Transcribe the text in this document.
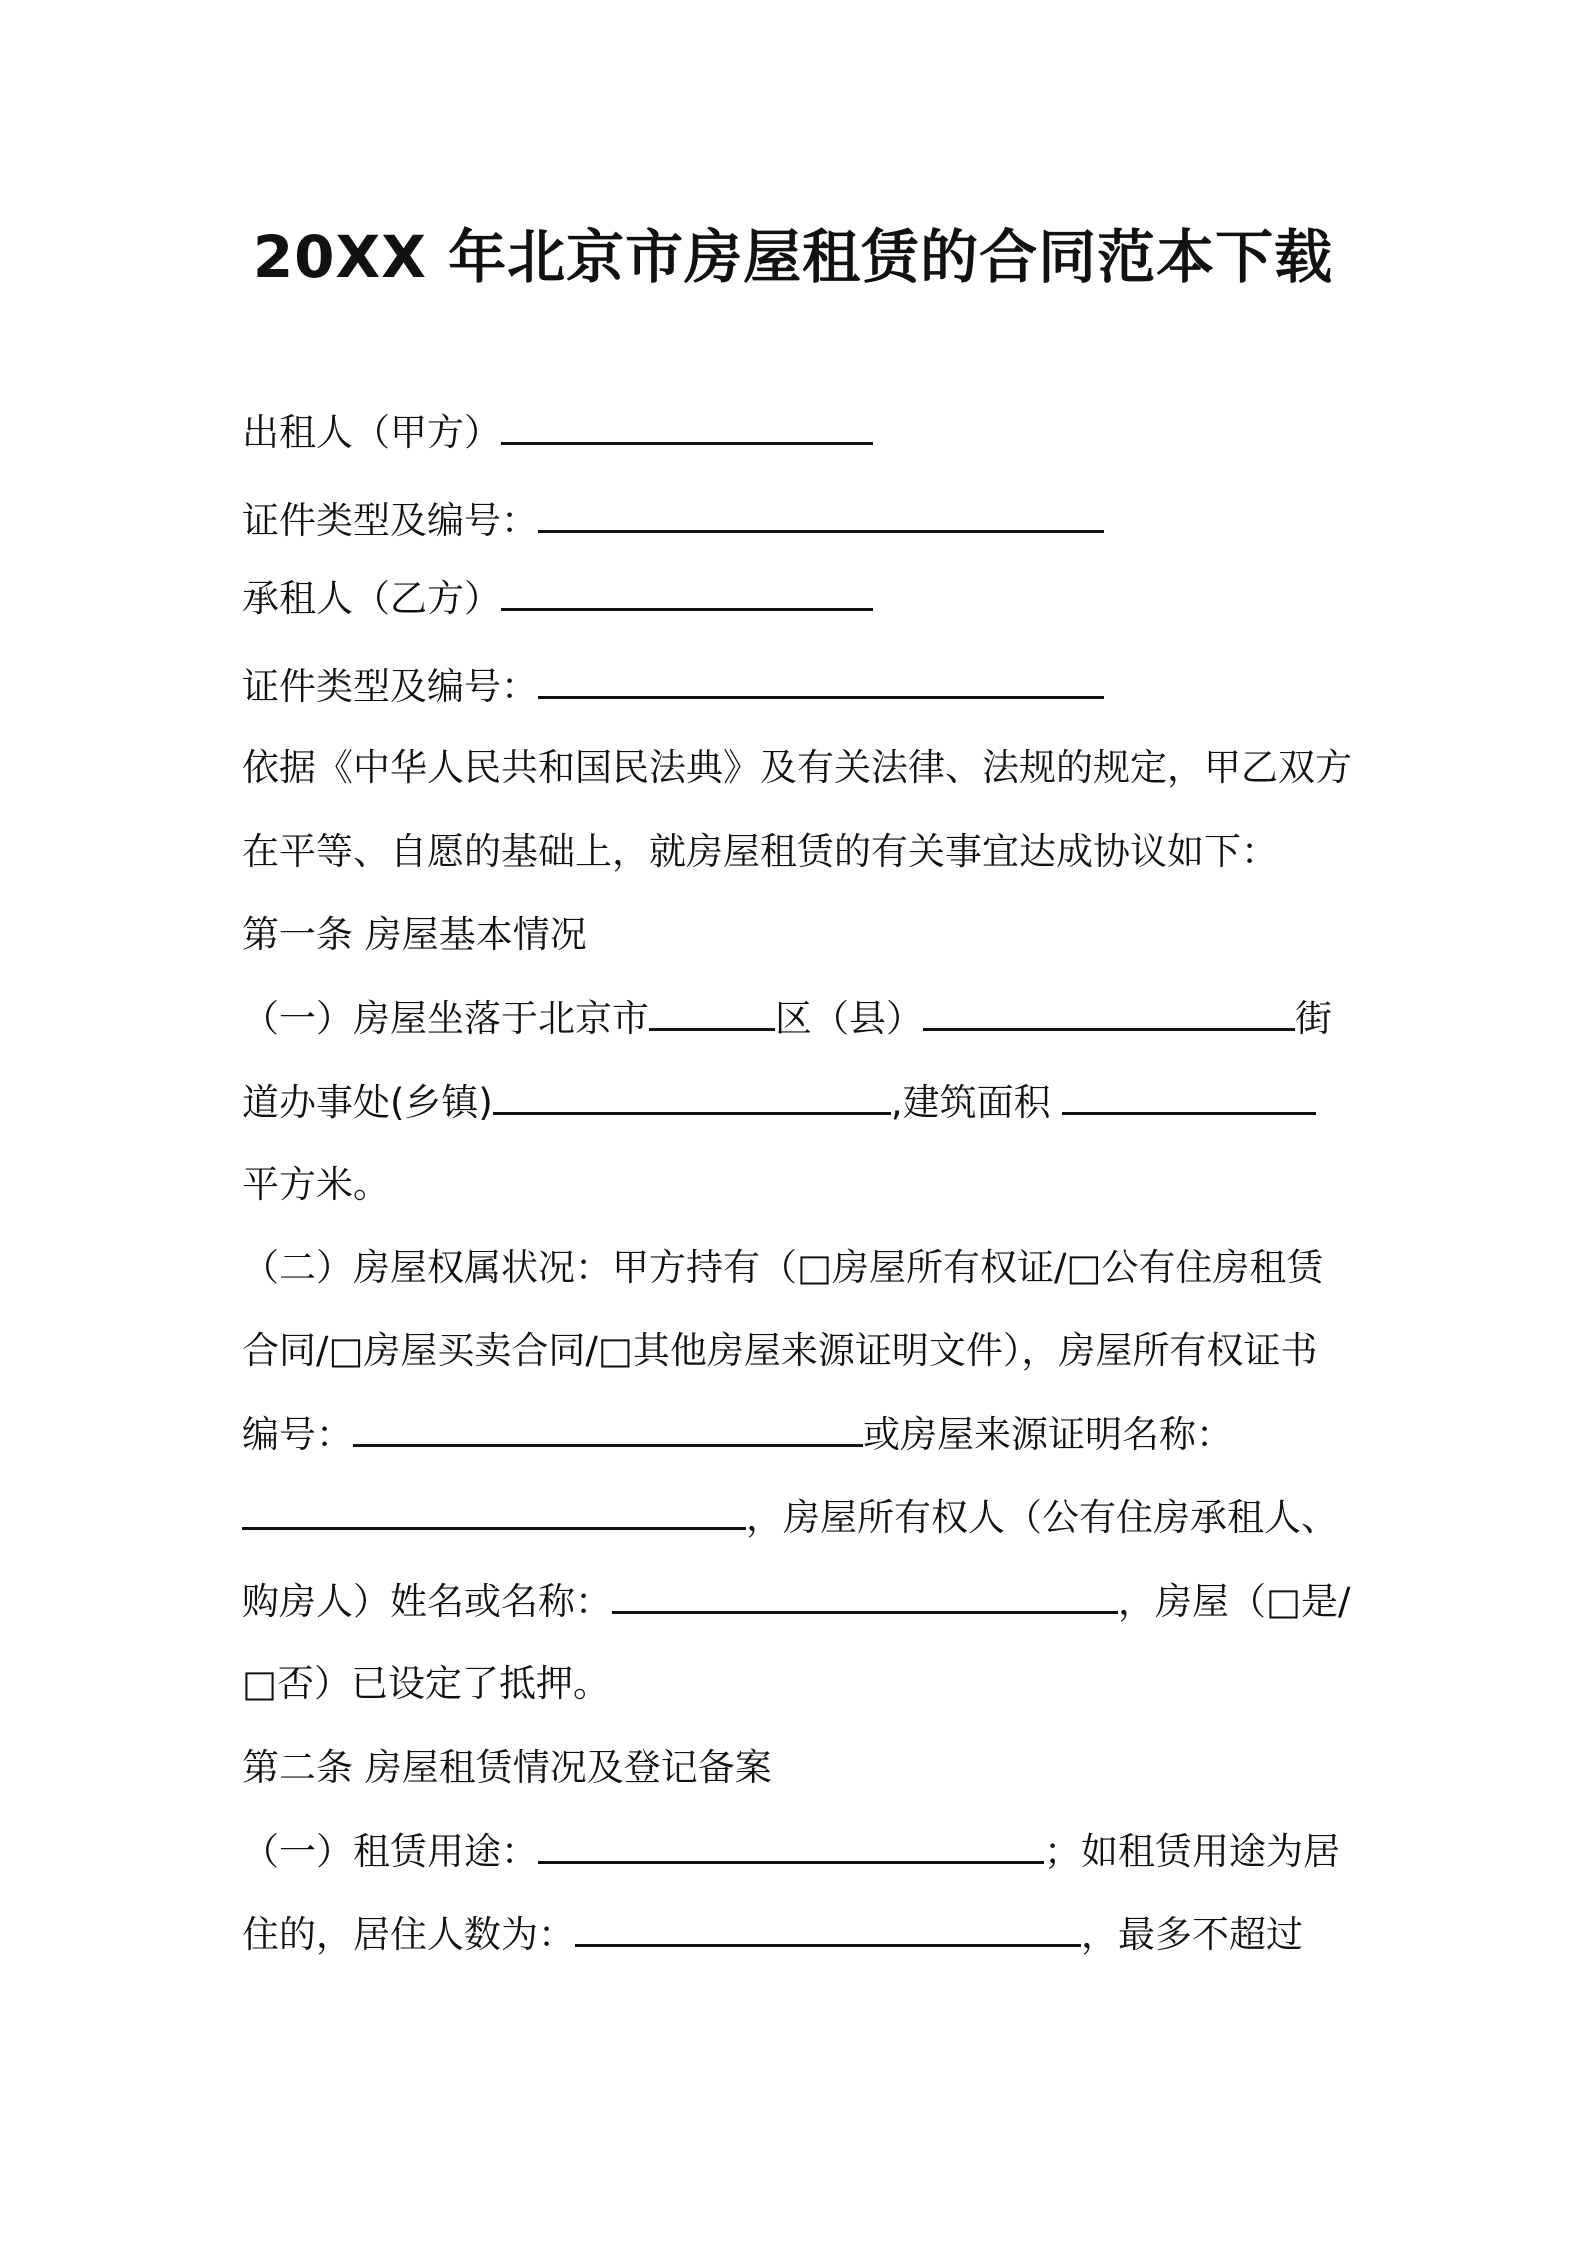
20XX 年北京市房屋租赁的合同范本下载
出租人（甲方）
证件类型及编号：
承租人（乙方）
证件类型及编号：
依据《中华人民共和国民法典》及有关法律、法规的规定，甲乙双方
在平等、自愿的基础上，就房屋租赁的有关事宜达成协议如下：
第一条 房屋基本情况
（一）房屋坐落于北京市	区（县）	街
道办事处(乡镇)	,建筑面积
平方米。
（二）房屋权属状况：甲方持有（□房屋所有权证/□公有住房租赁
合同/□房屋买卖合同/□其他房屋来源证明文件），房屋所有权证书
编号：	或房屋来源证明名称：
，房屋所有权人（公有住房承租人、
购房人）姓名或名称：	，房屋（□是/
□否）已设定了抵押。
第二条 房屋租赁情况及登记备案
（一）租赁用途：	；如租赁用途为居
住的，居住人数为：	，最多不超过
